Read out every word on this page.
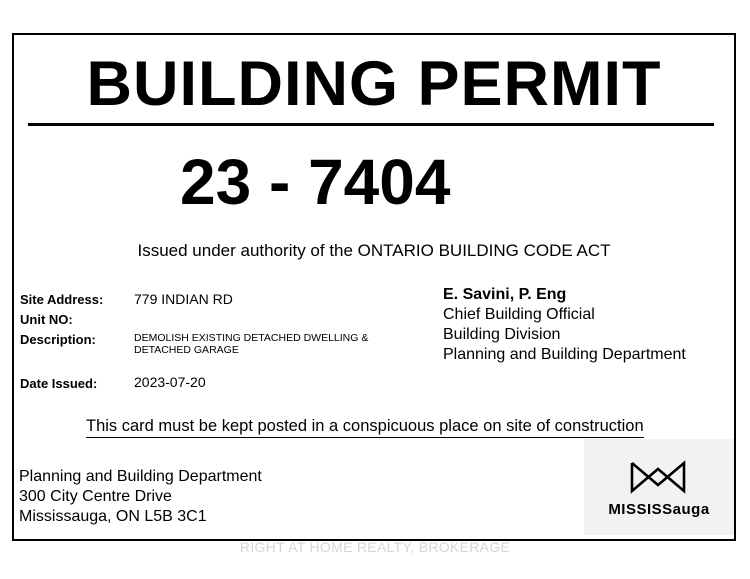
BUILDING PERMIT
23 - 7404
Issued under authority of the ONTARIO BUILDING CODE ACT
Site Address: 779 INDIAN RD
Unit NO:
Description:	DEMOLISH EXISTING DETACHED DWELLING &
DETACHED GARAGE
Date Issued:	2023-07-20
E. Savini, P. Eng
Chief Building Official
Building Division
Planning and Building Department
This card must be kept posted in a conspicuous place on site of construction
Planning and Building Department
300 City Centre Drive
Mississauga, ON L5B 3C1	MISSISSauga
RIGHT AT HOME REALTY, BROKERAGE
